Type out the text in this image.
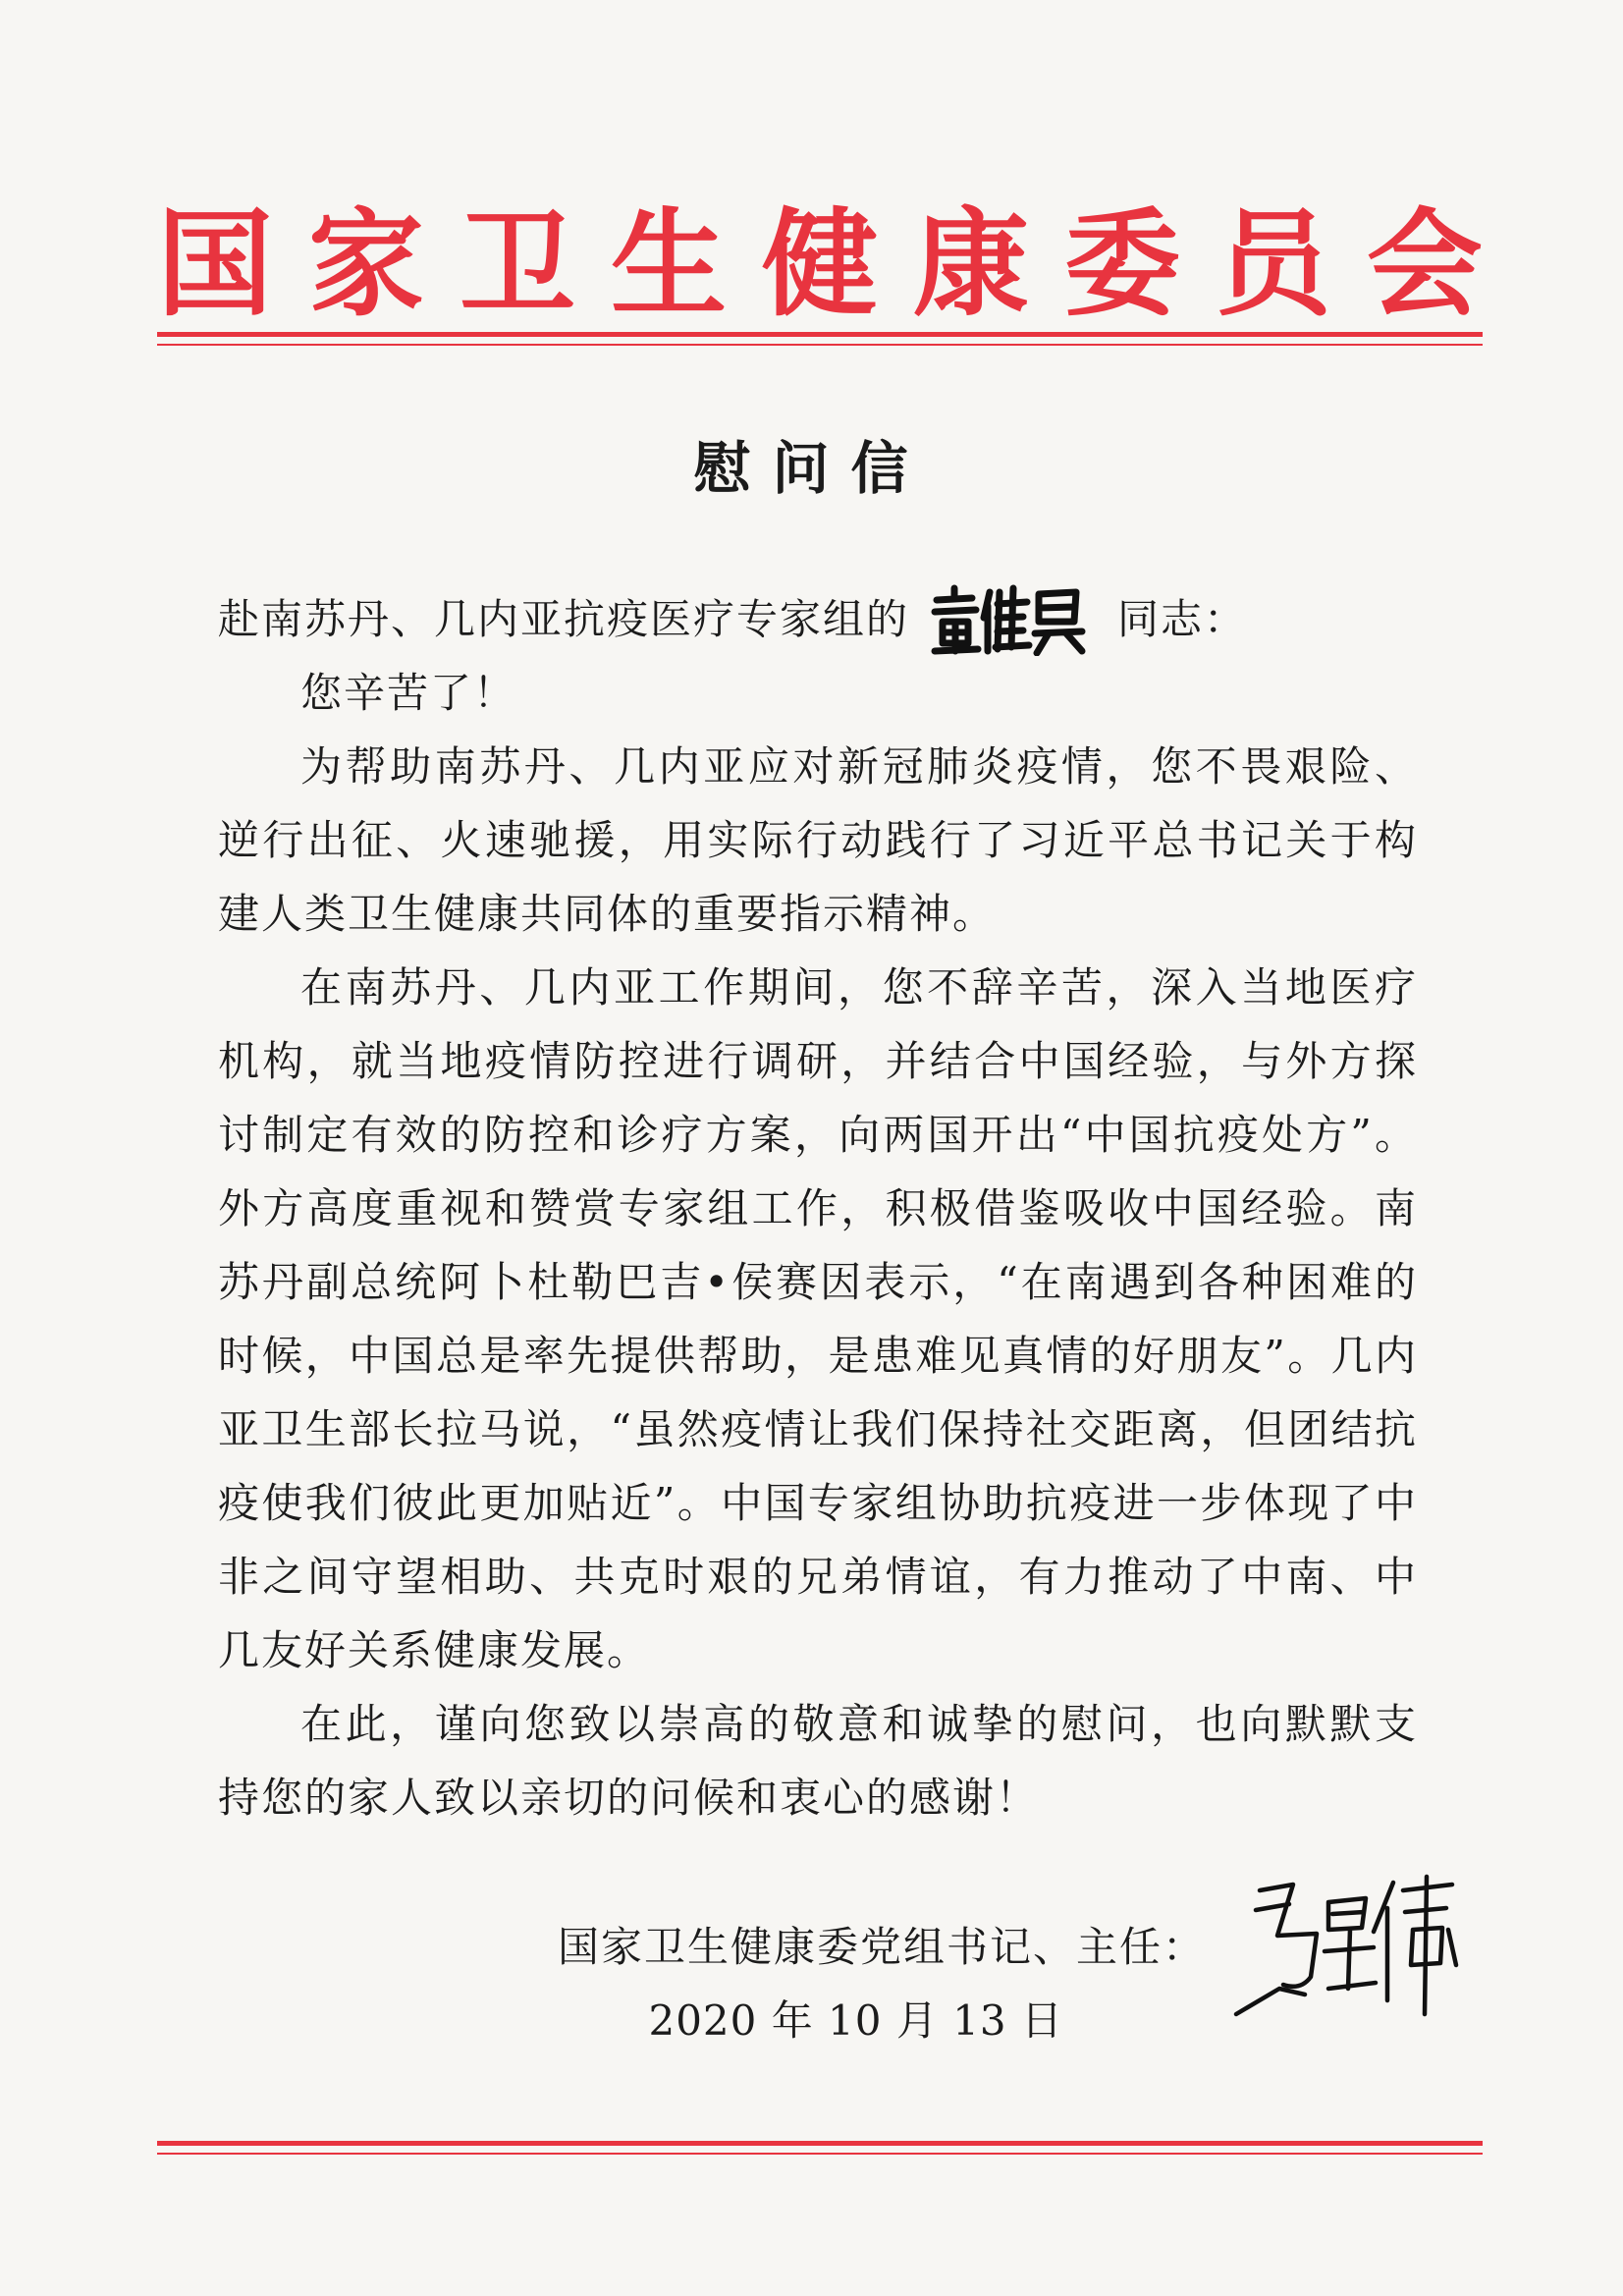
国 家 卫 生 健 康 委 员 会
慰问信

赴南苏丹、几内亚抗疫医疗专家组的	同志：

您辛苦了！

为帮助南苏丹、几内亚应对新冠肺炎疫情，您不畏艰险、逆行出征、火速驰援，用实际行动践行了习近平总书记关于构建人类卫生健康共同体的重要指示精神。

在南苏丹、几内亚工作期间，您不辞辛苦，深入当地医疗机构，就当地疫情防控进行调研，并结合中国经验，与外方探讨制定有效的防控和诊疗方案，向两国开出“中国抗疫处方”。外方高度重视和赞赏专家组工作，积极借鉴吸收中国经验。南苏丹副总统阿卜杜勒巴吉•侯赛因表示，“在南遇到各种困难的时候，中国总是率先提供帮助，是患难见真情的好朋友”。几内亚卫生部长拉马说，“虽然疫情让我们保持社交距离，但团结抗疫使我们彼此更加贴近”。中国专家组协助抗疫进一步体现了中非之间守望相助、共克时艰的兄弟情谊，有力推动了中南、中几友好关系健康发展。

在此，谨向您致以崇高的敬意和诚挚的慰问，也向默默支持您的家人致以亲切的问候和衷心的感谢！

国家卫生健康委党组书记、主任：
2020 年 10 月 13 日
